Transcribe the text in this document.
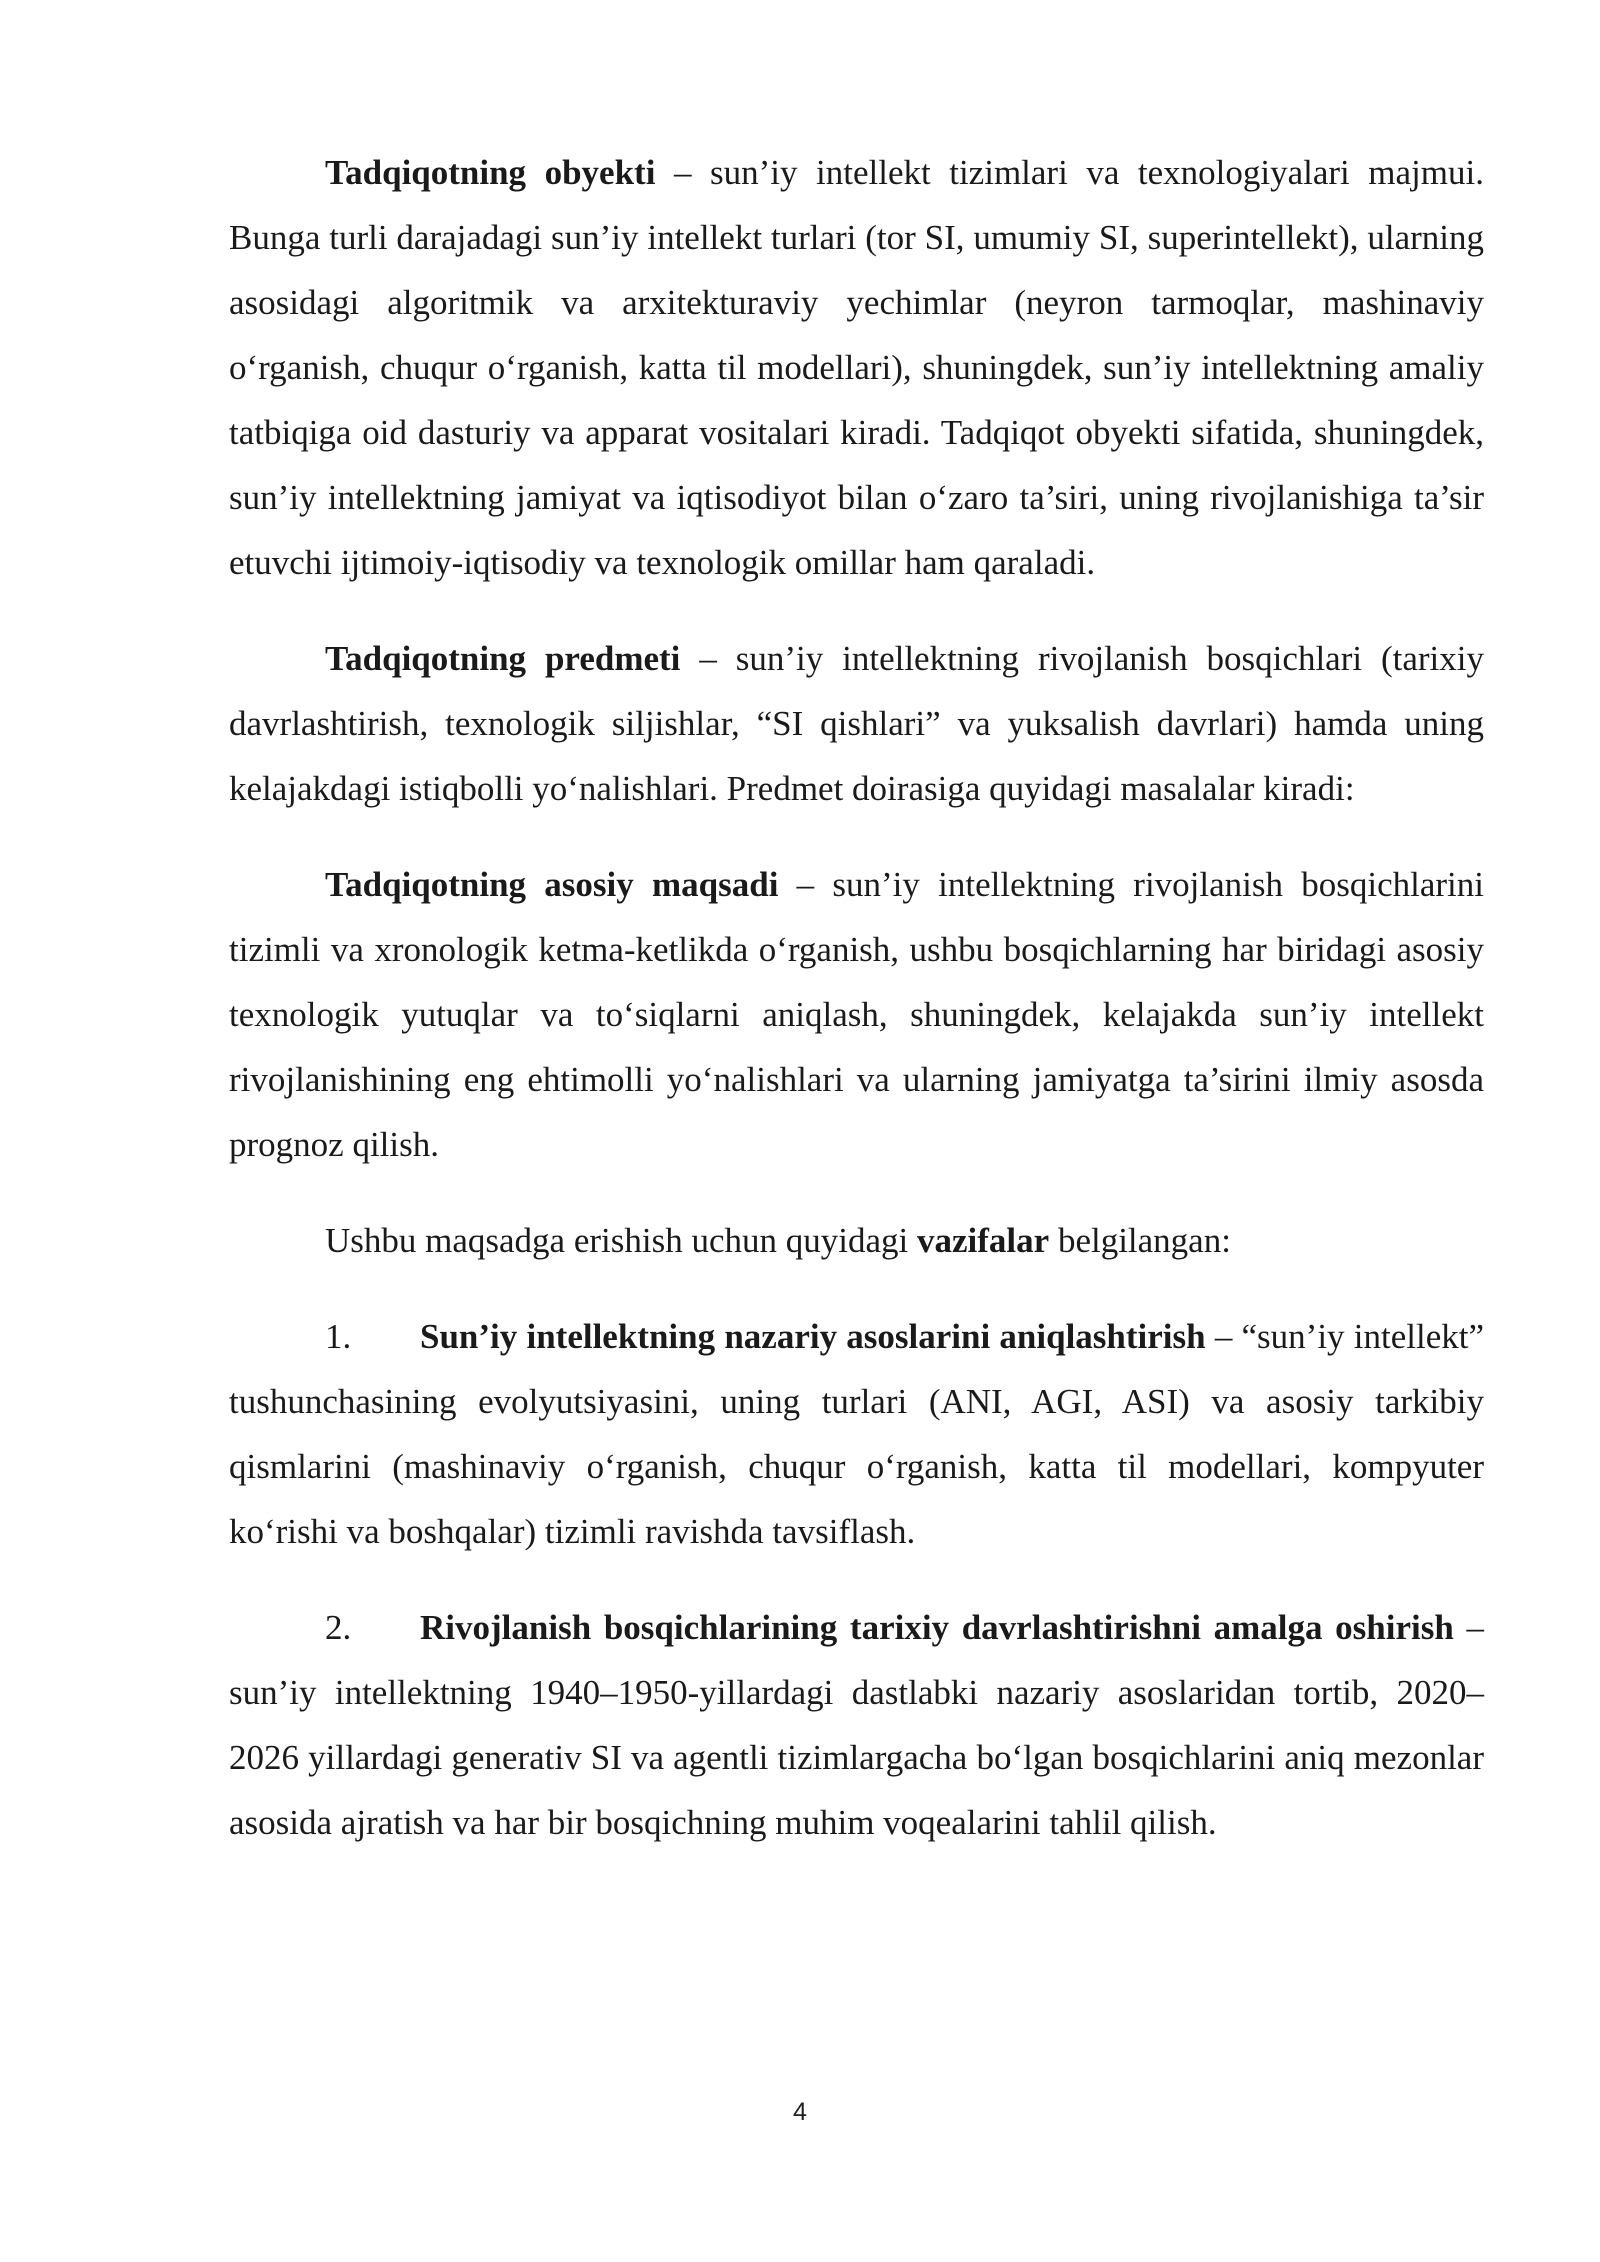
Tadqiqotning obyekti – sun’iy intellekt tizimlari va texnologiyalari majmui. Bunga turli darajadagi sun’iy intellekt turlari (tor SI, umumiy SI, superintellekt), ularning asosidagi algoritmik va arxitekturaviy yechimlar (neyron tarmoqlar, mashinaviy o‘rganish, chuqur o‘rganish, katta til modellari), shuningdek, sun’iy intellektning amaliy tatbiqiga oid dasturiy va apparat vositalari kiradi. Tadqiqot obyekti sifatida, shuningdek, sun’iy intellektning jamiyat va iqtisodiyot bilan o‘zaro ta’siri, uning rivojlanishiga ta’sir etuvchi ijtimoiy-iqtisodiy va texnologik omillar ham qaraladi.

Tadqiqotning predmeti – sun’iy intellektning rivojlanish bosqichlari (tarixiy davrlashtirish, texnologik siljishlar, “SI qishlari” va yuksalish davrlari) hamda uning kelajakdagi istiqbolli yo‘nalishlari. Predmet doirasiga quyidagi masalalar kiradi:

Tadqiqotning asosiy maqsadi – sun’iy intellektning rivojlanish bosqichlarini tizimli va xronologik ketma-ketlikda o‘rganish, ushbu bosqichlarning har biridagi asosiy texnologik yutuqlar va to‘siqlarni aniqlash, shuningdek, kelajakda sun’iy intellekt rivojlanishining eng ehtimolli yo‘nalishlari va ularning jamiyatga ta’sirini ilmiy asosda prognoz qilish.

Ushbu maqsadga erishish uchun quyidagi vazifalar belgilangan:

1. Sun’iy intellektning nazariy asoslarini aniqlashtirish – “sun’iy intellekt” tushunchasining evolyutsiyasini, uning turlari (ANI, AGI, ASI) va asosiy tarkibiy qismlarini (mashinaviy o‘rganish, chuqur o‘rganish, katta til modellari, kompyuter ko‘rishi va boshqalar) tizimli ravishda tavsiflash.

2. Rivojlanish bosqichlarining tarixiy davrlashtirishni amalga oshirish – sun’iy intellektning 1940–1950-yillardagi dastlabki nazariy asoslaridan tortib, 2020–2026 yillardagi generativ SI va agentli tizimlargacha bo‘lgan bosqichlarini aniq mezonlar asosida ajratish va har bir bosqichning muhim voqealarini tahlil qilish.

4
